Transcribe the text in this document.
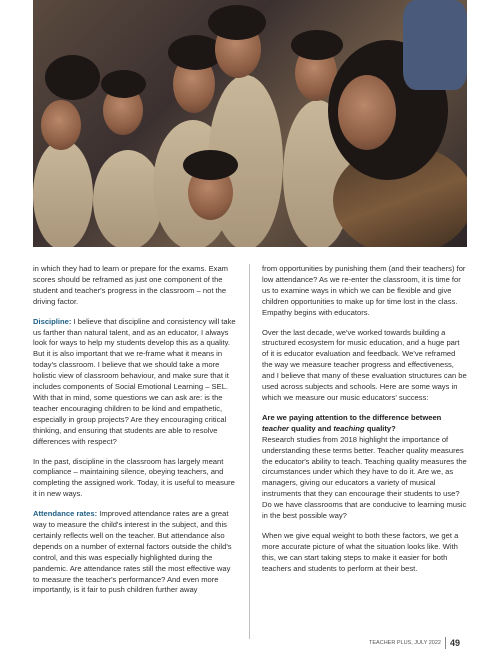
in which they had to learn or prepare for the exams. Exam scores should be reframed as just one component of the student and teacher's progress in the classroom – not the driving factor.

Discipline: I believe that discipline and consistency will take us farther than natural talent, and as an educator, I always look for ways to help my students develop this as a quality. But it is also important that we re-frame what it means in today's classroom. I believe that we should take a more holistic view of classroom behaviour, and make sure that it includes components of Social Emotional Learning – SEL. With that in mind, some questions we can ask are: is the teacher encouraging children to be kind and empathetic, especially in group projects? Are they encouraging critical thinking, and ensuring that students are able to resolve differences with respect?

In the past, discipline in the classroom has largely meant compliance – maintaining silence, obeying teachers, and completing the assigned work. Today, it is useful to measure it in new ways.

Attendance rates: Improved attendance rates are a great way to measure the child's interest in the subject, and this certainly reflects well on the teacher. But attendance also depends on a number of external factors outside the child's control, and this was especially highlighted during the pandemic. Are attendance rates still the most effective way to measure the teacher's performance? And even more importantly, is it fair to push children further away

from opportunities by punishing them (and their teachers) for low attendance? As we re-enter the classroom, it is time for us to examine ways in which we can be flexible and give children opportunities to make up for time lost in the class. Empathy begins with educators.

Over the last decade, we've worked towards building a structured ecosystem for music education, and a huge part of it is educator evaluation and feedback. We've reframed the way we measure teacher progress and effectiveness, and I believe that many of these evaluation structures can be used across subjects and schools. Here are some ways in which we measure our music educators' success:

Are we paying attention to the difference between teacher quality and teaching quality?

Research studies from 2018 highlight the importance of understanding these terms better. Teacher quality measures the educator's ability to teach. Teaching quality measures the circumstances under which they have to do it. Are we, as managers, giving our educators a variety of musical instruments that they can encourage their students to use? Do we have classrooms that are conducive to learning music in the best possible way?

When we give equal weight to both these factors, we get a more accurate picture of what the situation looks like. With this, we can start taking steps to make it easier for both teachers and students to perform at their best.

TEACHER PLUS, JULY 2022 49
